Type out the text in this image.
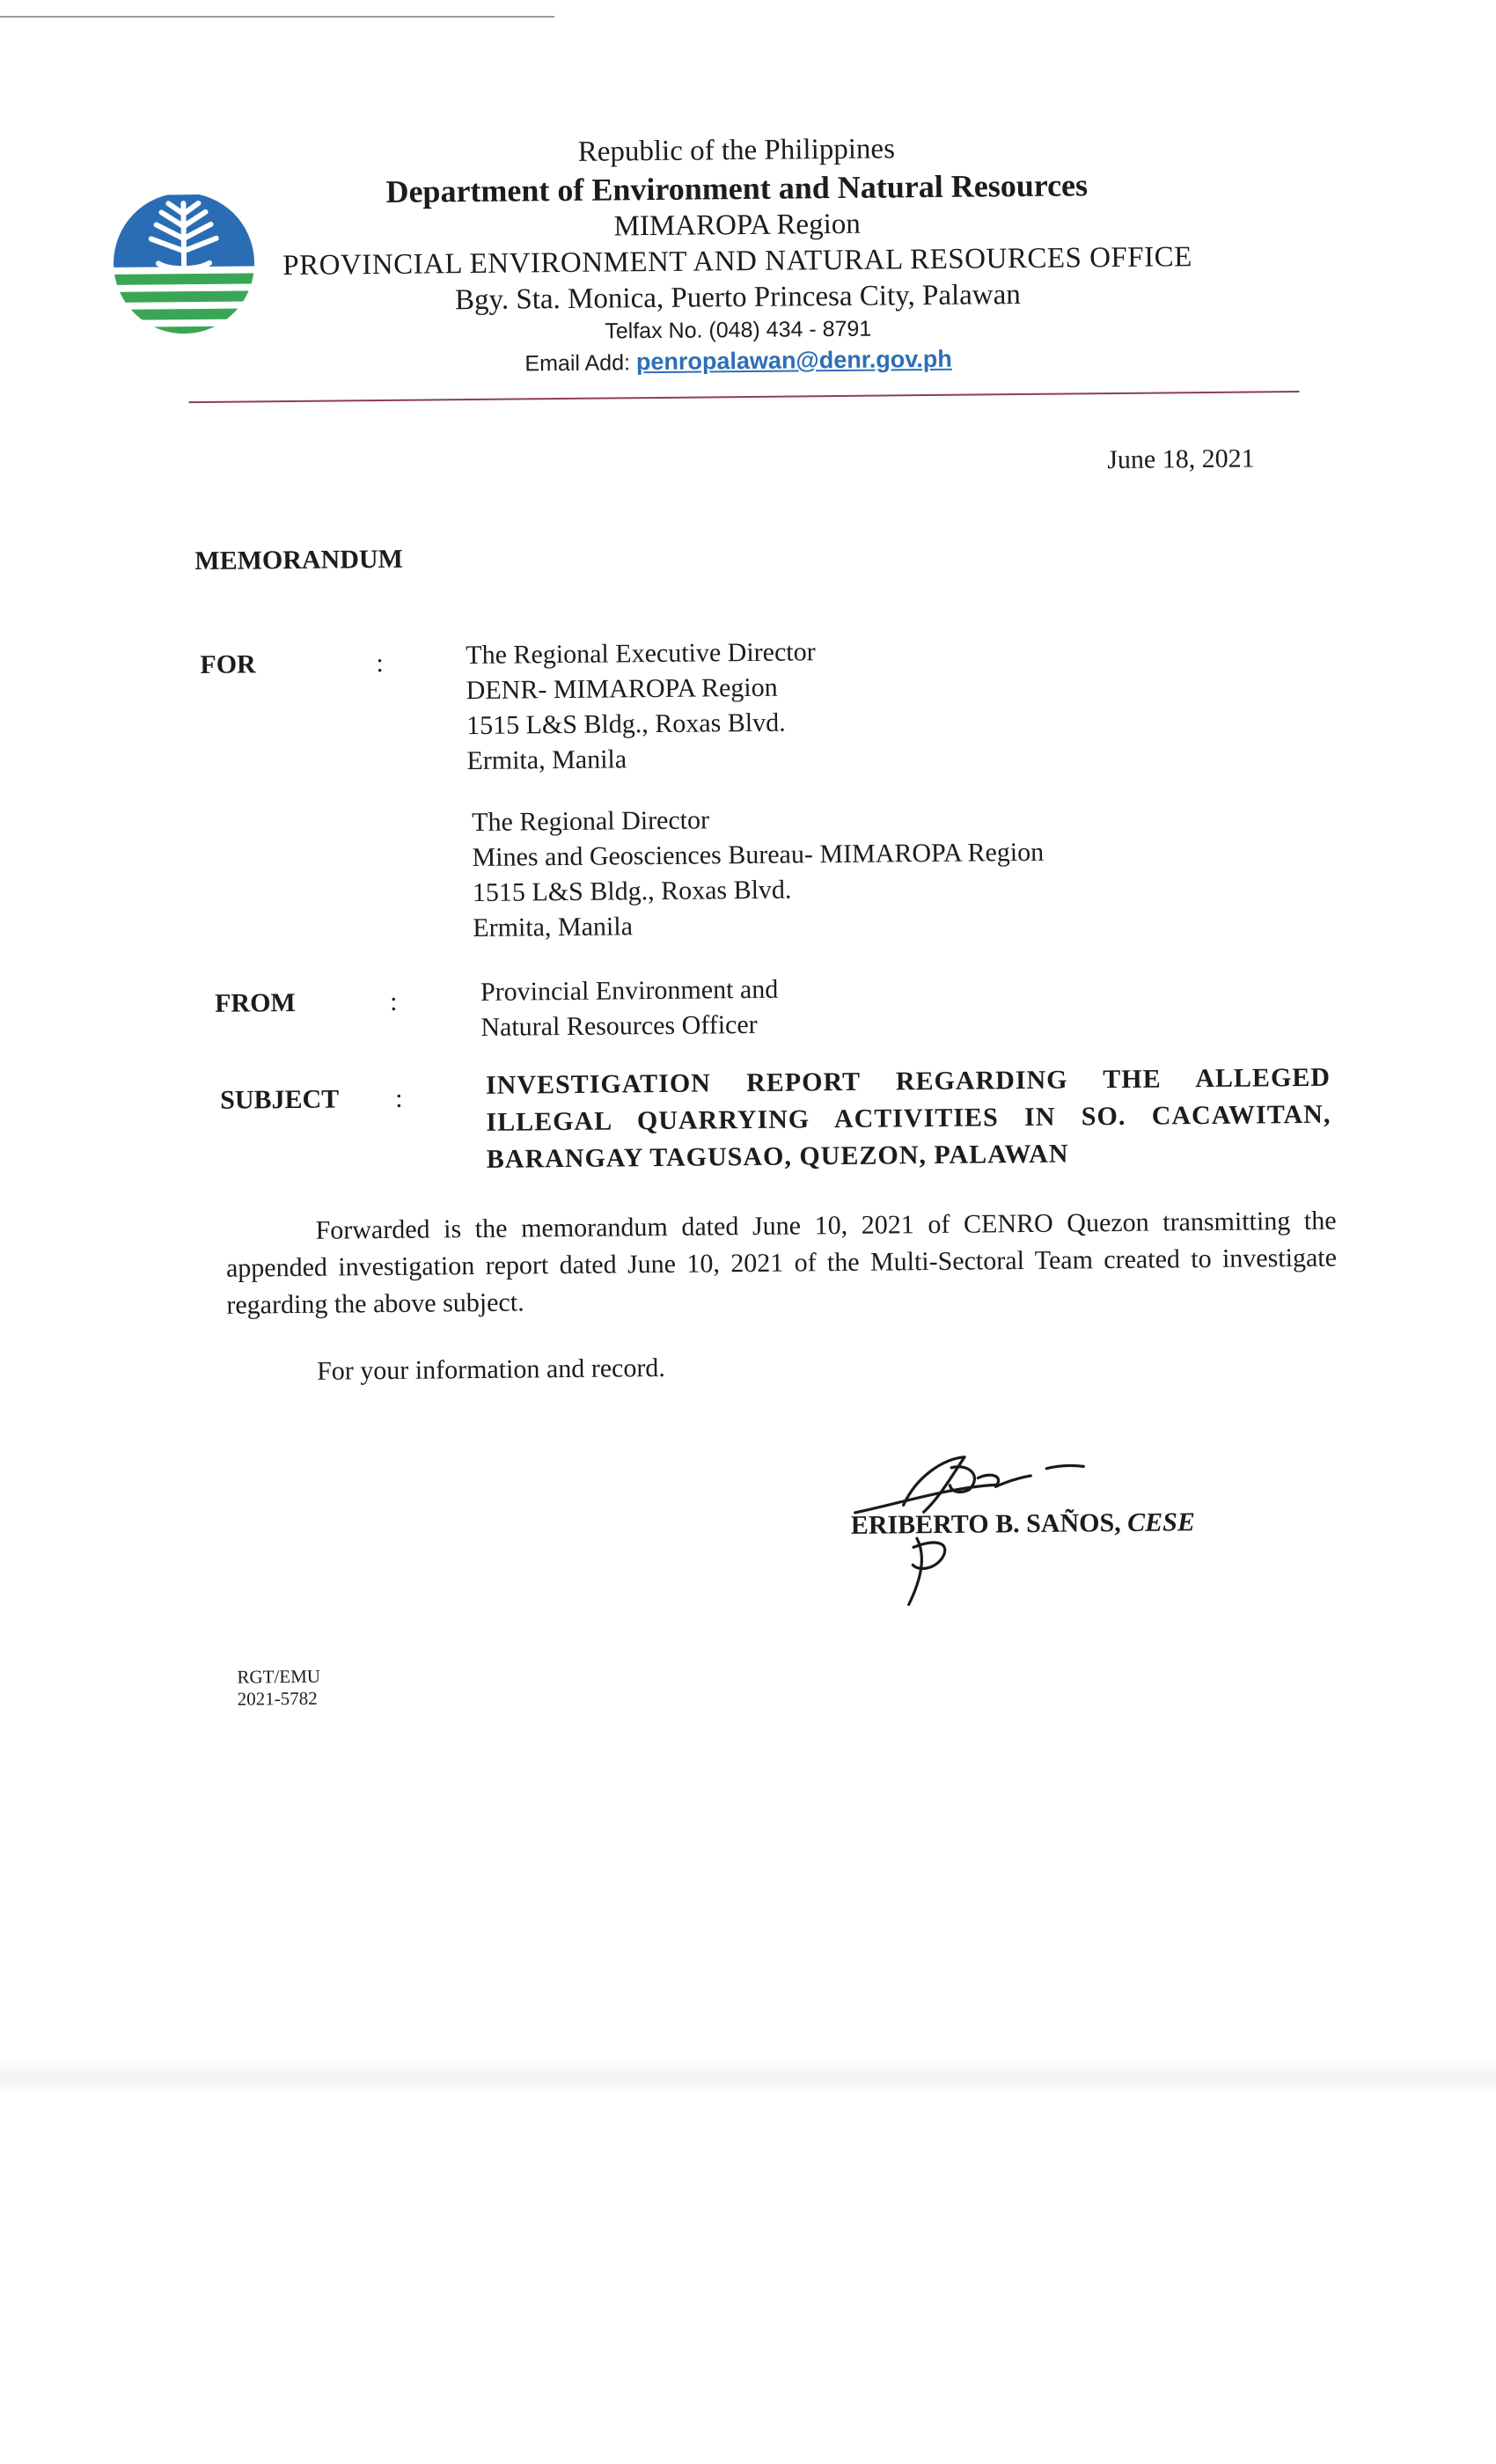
Republic of the Philippines
Department of Environment and Natural Resources
MIMAROPA Region
PROVINCIAL ENVIRONMENT AND NATURAL RESOURCES OFFICE
Bgy. Sta. Monica, Puerto Princesa City, Palawan
Telfax No. (048) 434 - 8791
Email Add: penropalawan@denr.gov.ph
June 18, 2021
MEMORANDUM
FOR	:	The Regional Executive Director
DENR- MIMAROPA Region
1515 L&S Bldg., Roxas Blvd.
Ermita, Manila
The Regional Director
Mines and Geosciences Bureau- MIMAROPA Region
1515 L&S Bldg., Roxas Blvd.
Ermita, Manila
FROM	:	Provincial Environment and
Natural Resources Officer
SUBJECT :	INVESTIGATION REPORT REGARDING THE ALLEGED ILLEGAL QUARRYING ACTIVITIES IN SO. CACAWITAN, BARANGAY TAGUSAO, QUEZON, PALAWAN
Forwarded is the memorandum dated June 10, 2021 of CENRO Quezon transmitting the appended investigation report dated June 10, 2021 of the Multi-Sectoral Team created to investigate regarding the above subject.
For your information and record.
ERIBERTO B. SAÑOS, CESE
RGT/EMU
2021-5782
